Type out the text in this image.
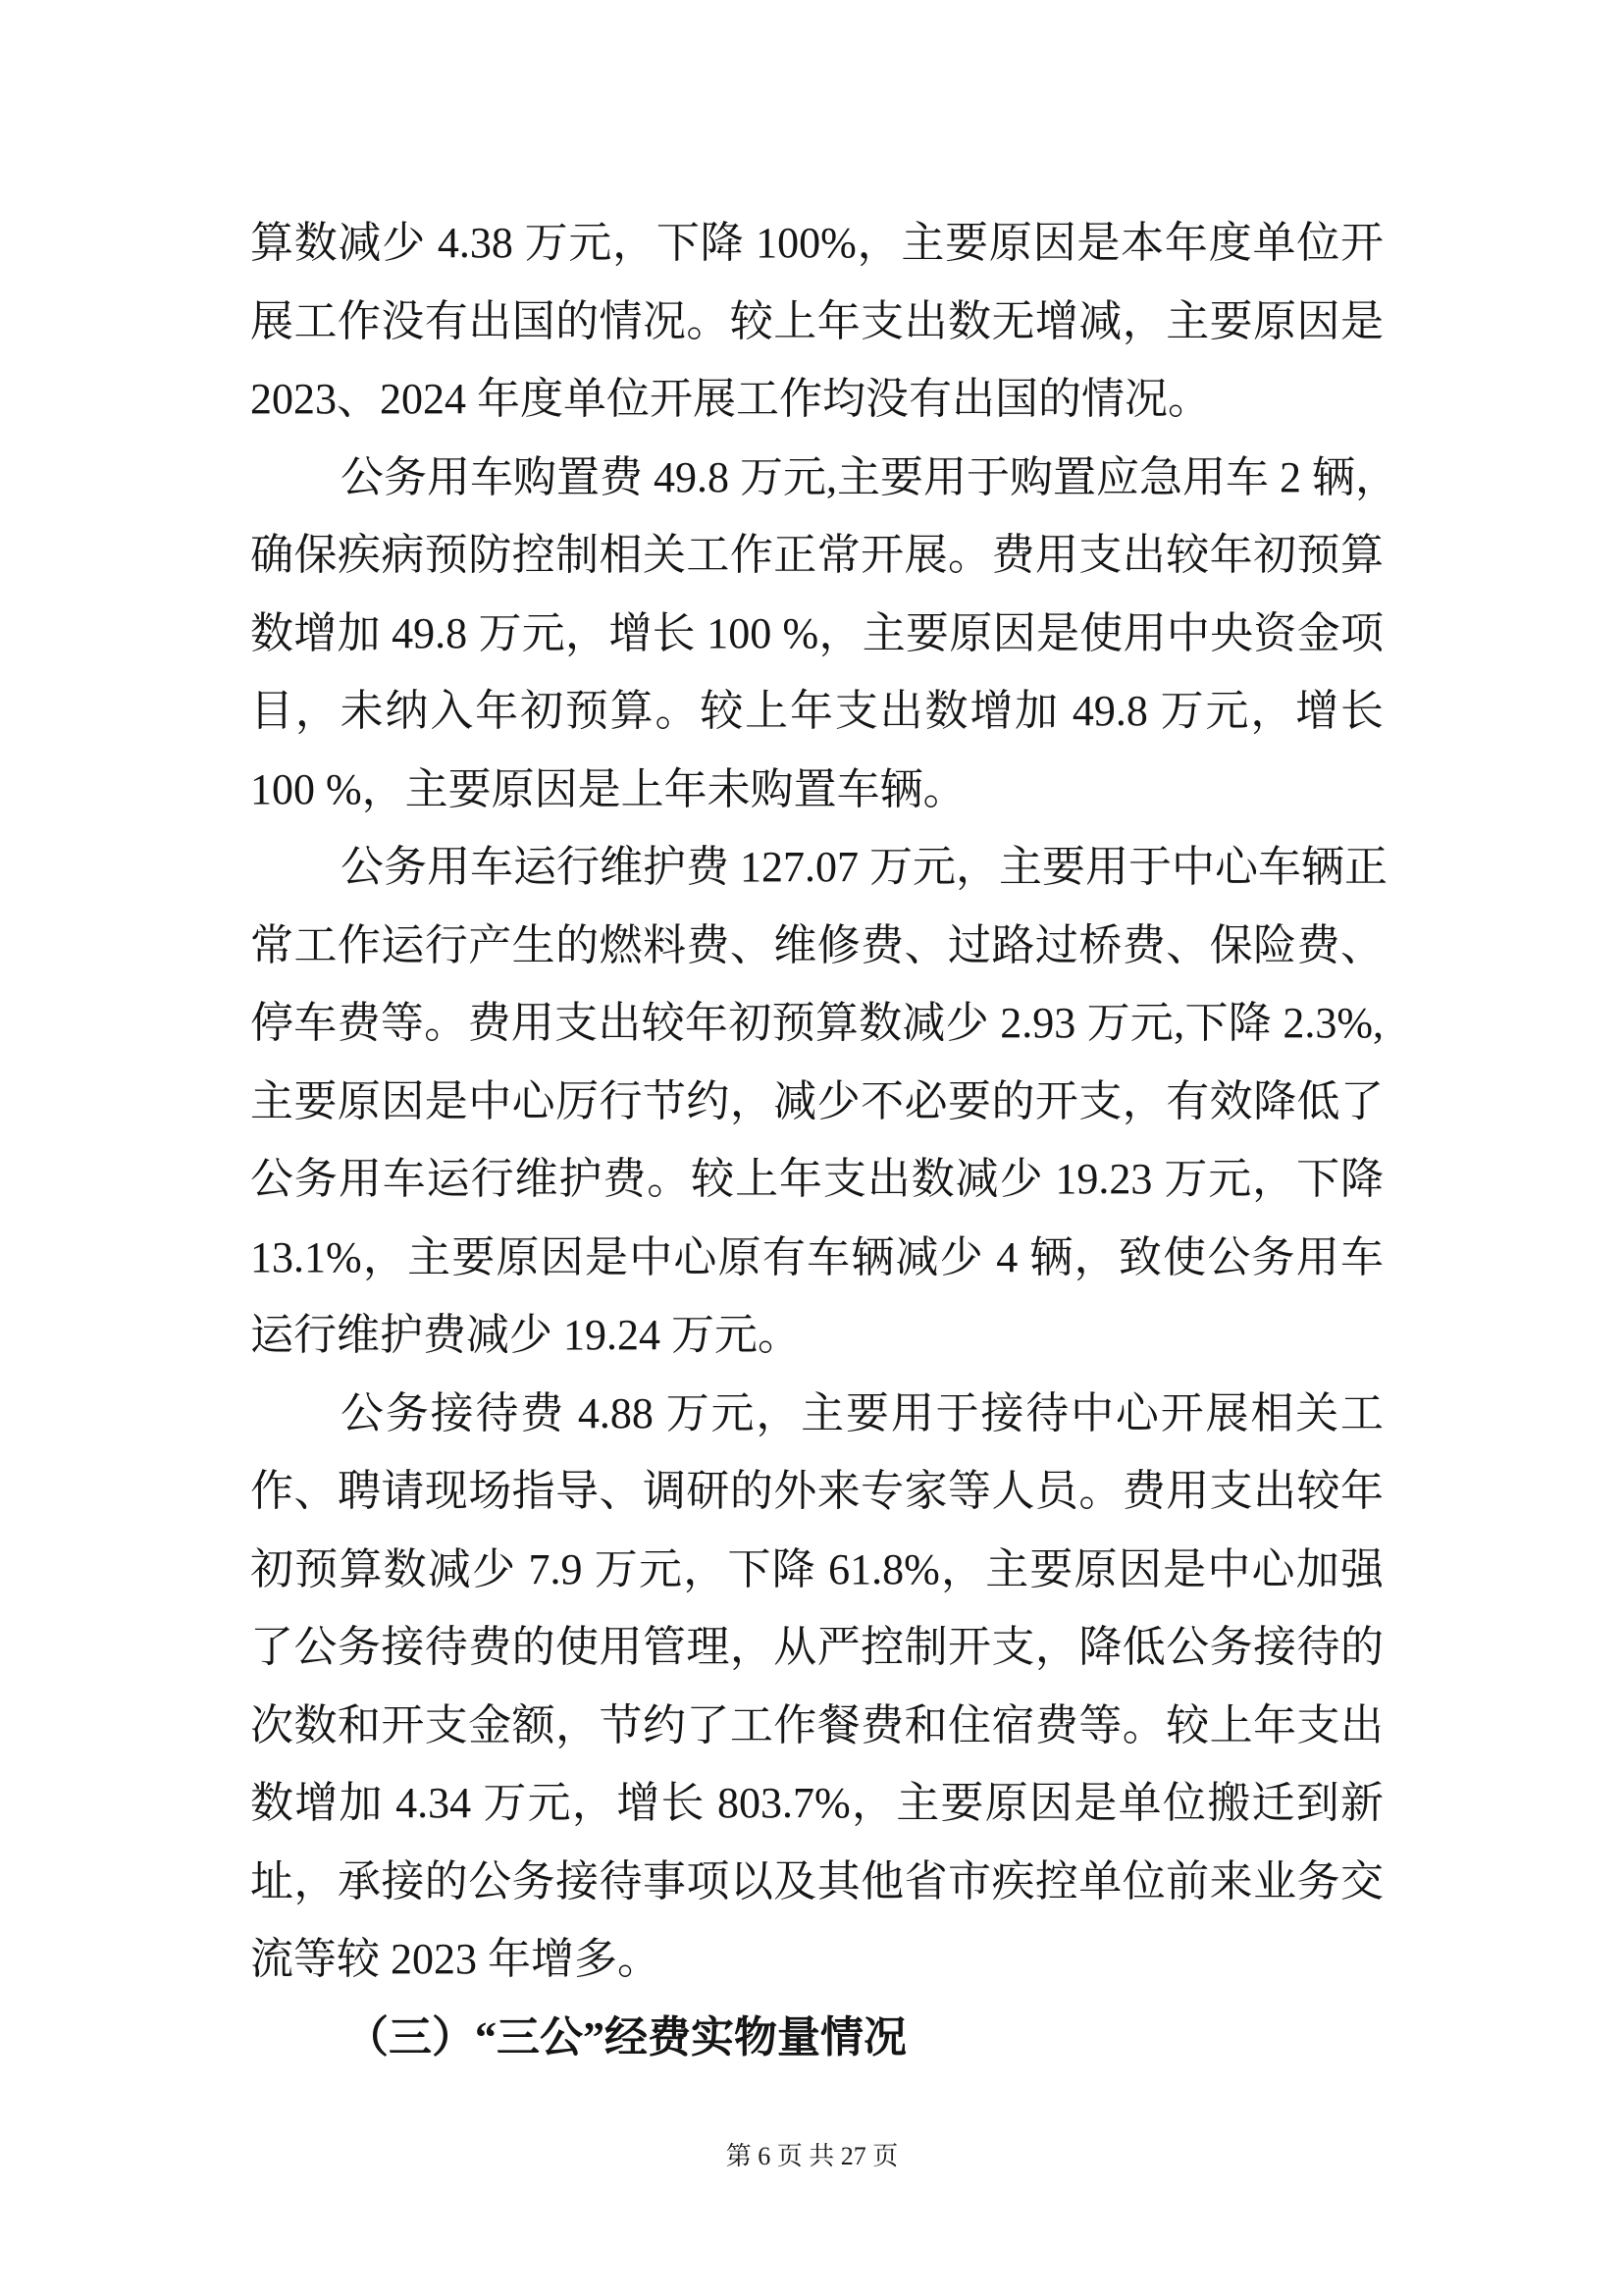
算数减少 4.38 万元，下降 100%，主要原因是本年度单位开
展工作没有出国的情况。较上年支出数无增减，主要原因是
2023、2024 年度单位开展工作均没有出国的情况。
公务用车购置费 49.8 万元,主要用于购置应急用车 2 辆，
确保疾病预防控制相关工作正常开展。费用支出较年初预算
数增加 49.8 万元，增长 100 %，主要原因是使用中央资金项
目，未纳入年初预算。较上年支出数增加 49.8 万元，增长
100 %，主要原因是上年未购置车辆。
公务用车运行维护费 127.07 万元，主要用于中心车辆正
常工作运行产生的燃料费、维修费、过路过桥费、保险费、
停车费等。费用支出较年初预算数减少 2.93 万元,下降 2.3%,
主要原因是中心厉行节约，减少不必要的开支，有效降低了
公务用车运行维护费。较上年支出数减少 19.23 万元，下降
13.1%，主要原因是中心原有车辆减少 4 辆，致使公务用车
运行维护费减少 19.24 万元。
公务接待费 4.88 万元，主要用于接待中心开展相关工
作、聘请现场指导、调研的外来专家等人员。费用支出较年
初预算数减少 7.9 万元，下降 61.8%，主要原因是中心加强
了公务接待费的使用管理，从严控制开支，降低公务接待的
次数和开支金额，节约了工作餐费和住宿费等。较上年支出
数增加 4.34 万元，增长 803.7%，主要原因是单位搬迁到新
址，承接的公务接待事项以及其他省市疾控单位前来业务交
流等较 2023 年增多。
（三）“三公”经费实物量情况
第 6 页 共 27 页
